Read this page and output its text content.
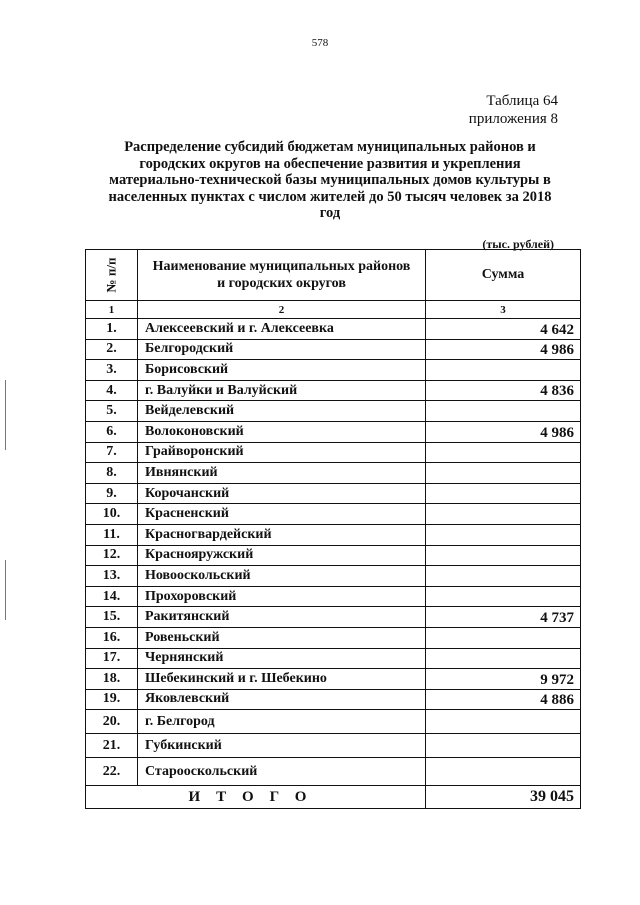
578
Таблица 64
приложения 8
Распределение субсидий бюджетам муниципальных районов и
городских округов на обеспечение развития и укрепления
материально-технической базы муниципальных домов культуры в
населенных пунктах с числом жителей до 50 тысяч человек за 2018
год
(тыс. рублей)
№ п/п	Наименование муниципальных районов
и городских округов	Сумма
1	2	3
1.	Алексеевский и г. Алексеевка	4 642
2.	Белгородский	4 986
3.	Борисовский	
4.	г. Валуйки и Валуйский	4 836
5.	Вейделевский	
6.	Волоконовский	4 986
7.	Грайворонский	
8.	Ивнянский	
9.	Корочанский	
10.	Красненский	
11.	Красногвардейский	
12.	Краснояружский	
13.	Новооскольский	
14.	Прохоровский	
15.	Ракитянский	4 737
16.	Ровеньский	
17.	Чернянский	
18.	Шебекинский и г. Шебекино	9 972
19.	Яковлевский	4 886
20.	г. Белгород	
21.	Губкинский	
22.	Старооскольский	
ИТОГО		39 045
